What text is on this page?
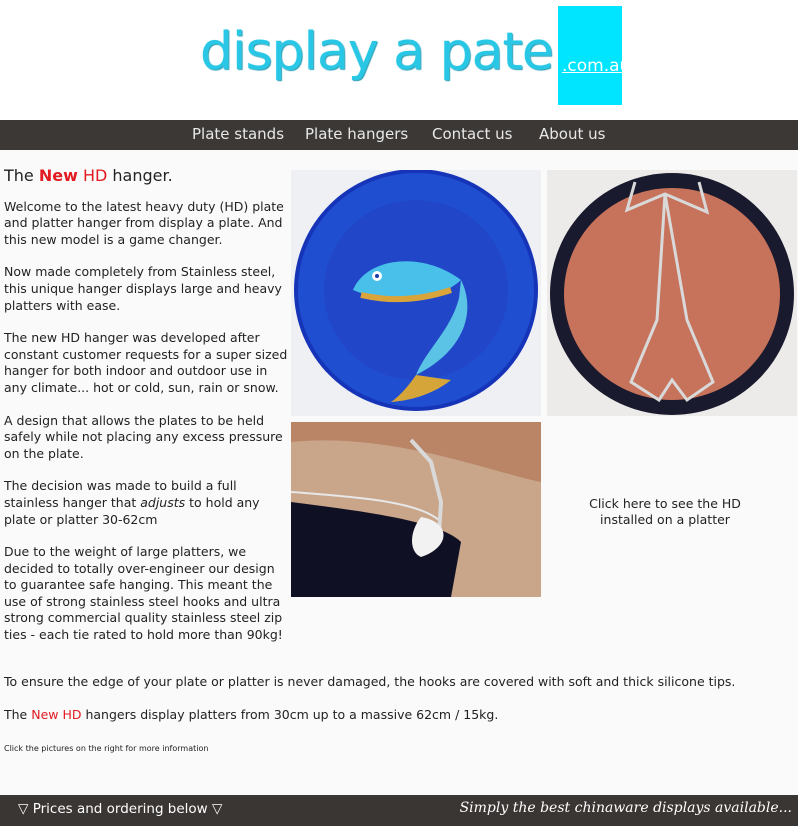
display a pate .com.au
Plate stands Plate hangers Contact us About us
The New HD hanger.

Welcome to the latest heavy duty (HD) plate and platter hanger from display a plate. And this new model is a game changer.

Now made completely from Stainless steel, this unique hanger displays large and heavy platters with ease.

The new HD hanger was developed after constant customer requests for a super sized hanger for both indoor and outdoor use in any climate... hot or cold, sun, rain or snow.

A design that allows the plates to be held safely while not placing any excess pressure on the plate.

The decision was made to build a full stainless hanger that adjusts to hold any plate or platter 30-62cm

Due to the weight of large platters, we decided to totally over-engineer our design to guarantee safe hanging. This meant the use of strong stainless steel hooks and ultra strong commercial quality stainless steel zip ties - each tie rated to hold more than 90kg!

Click here to see the HD installed on a platter
To ensure the edge of your plate or platter is never damaged, the hooks are covered with soft and thick silicone tips.
The New HD hangers display platters from 30cm up to a massive 62cm / 15kg.
Click the pictures on the right for more information
▽ Prices and ordering below ▽	Simply the best chinaware displays available...
